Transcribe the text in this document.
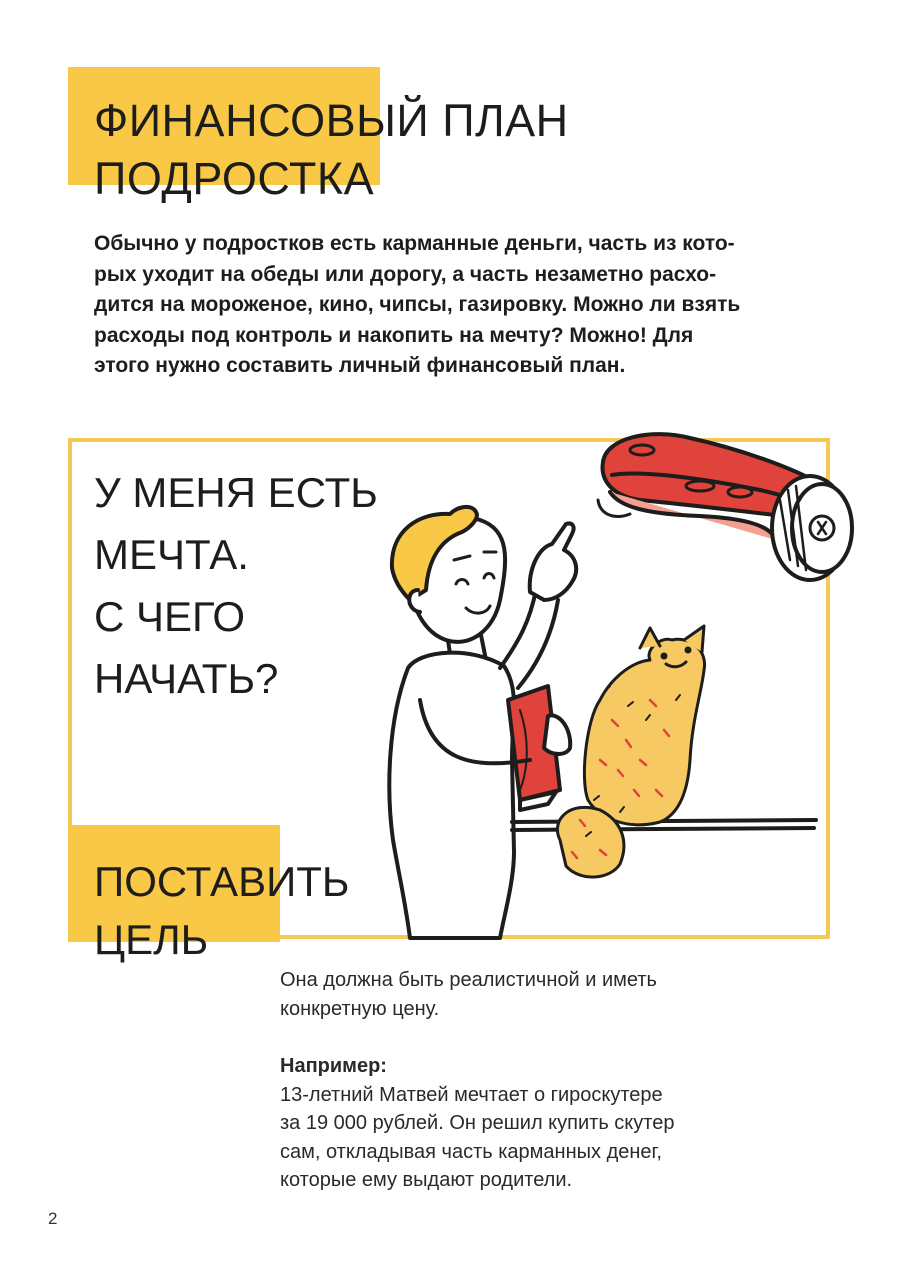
ФИНАНСОВЫЙ ПЛАН
ПОДРОСТКА

Обычно у подростков есть карманные деньги, часть из кото-
рых уходит на обеды или дорогу, а часть незаметно расхо-
дится на мороженое, кино, чипсы, газировку. Можно ли взять
расходы под контроль и накопить на мечту? Можно! Для
этого нужно составить личный финансовый план.

У МЕНЯ ЕСТЬ
МЕЧТА.
С ЧЕГО
НАЧАТЬ?
ПОСТАВИТЬ
ЦЕЛЬ

Она должна быть реалистичной и иметь

конкретную цену.

Например:

13-летний Матвей мечтает о гироскутере

за 19 000 рублей. Он решил купить скутер

сам, откладывая часть карманных денег,

которые ему выдают родители.

2
